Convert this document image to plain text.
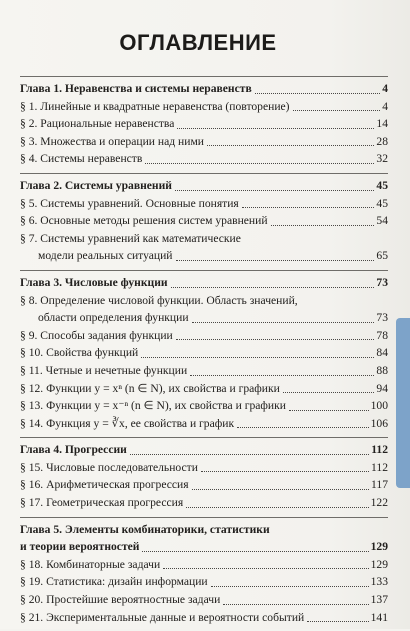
ОГЛАВЛЕНИЕ
Глава 1. Неравенства и системы неравенств	4
§ 1. Линейные и квадратные неравенства (повторение)	4
§ 2. Рациональные неравенства	14
§ 3. Множества и операции над ними	28
§ 4. Системы неравенств	32
Глава 2. Системы уравнений	45
§ 5. Системы уравнений. Основные понятия	45
§ 6. Основные методы решения систем уравнений	54
§ 7. Системы уравнений как математические
модели реальных ситуаций	65
Глава 3. Числовые функции	73
§ 8. Определение числовой функции. Область значений,
области определения функции	73
§ 9. Способы задания функции	78
§ 10. Свойства функций	84
§ 11. Четные и нечетные функции	88
§ 12. Функции y = xⁿ (n ∈ N), их свойства и графики	94
§ 13. Функции y = x⁻ⁿ (n ∈ N), их свойства и графики	100
§ 14. Функция y = ∛x, ее свойства и график	106
Глава 4. Прогрессии	112
§ 15. Числовые последовательности	112
§ 16. Арифметическая прогрессия	117
§ 17. Геометрическая прогрессия	122
Глава 5. Элементы комбинаторики, статистики
и теории вероятностей	129
§ 18. Комбинаторные задачи	129
§ 19. Статистика: дизайн информации	133
§ 20. Простейшие вероятностные задачи	137
§ 21. Экспериментальные данные и вероятности событий	141
